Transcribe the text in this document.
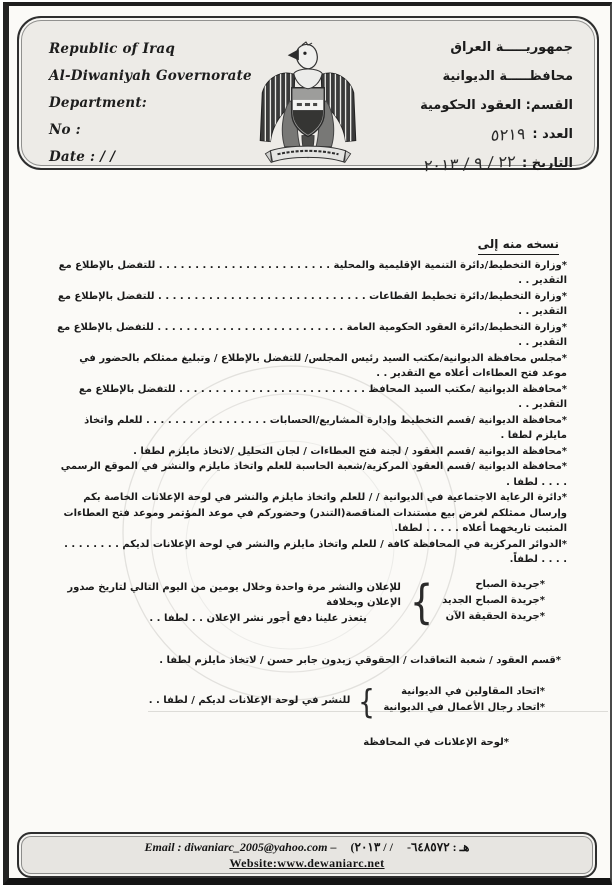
Republic of Iraq
Al-Diwaniyah Governorate
Department:
No :
Date : / /
جمهوريـــــة العراق
محافظـــــة الديوانية
القسم: العقود الحكومية
العدد :
٥٢١٩
التاريخ :
٢٢ / ٩ / ٢٠١٣
نسخه منه إلى
*وزارة التخطيط/دائرة التنمية الإقليمية والمحلية . . . . . . . . . . . . . . . . . . . . . . . . للتفضل بالإطلاع مع التقدير . .
*وزارة التخطيط/دائرة تخطيط القطاعات . . . . . . . . . . . . . . . . . . . . . . . . . . . . . للتفضل بالإطلاع مع التقدير . .
*وزارة التخطيط/دائرة العقود الحكومية العامة . . . . . . . . . . . . . . . . . . . . . . . . . . للتفضل بالإطلاع مع التقدير . .
*مجلس محافظة الديوانية/مكتب السيد رئيس المجلس/ للتفضل بالإطلاع / وتبليغ ممثلكم بالحضور في موعد فتح العطاءات أعلاه مع التقدير . .
*محافظة الديوانية /مكتب السيد المحافظ . . . . . . . . . . . . . . . . . . . . . . . . . . للتفضل بالإطلاع مع التقدير . .
*محافظة الديوانية /قسم التخطيط وإدارة المشاريع/الحسابات . . . . . . . . . . . . . . . . . للعلم واتخاذ مايلزم لطفا .
*محافظة الديوانية /قسم العقود / لجنة فتح العطاءات / لجان التحليل /لاتخاذ مايلزم لطفا .
*محافظة الديوانية /قسم العقود المركزية/شعبة الحاسبة للعلم واتخاذ مايلزم والنشر في الموقع الرسمي . . . . لطفا .
*دائرة الرعاية الاجتماعية في الديوانية / / للعلم واتخاذ مايلزم والنشر في لوحة الإعلانات الخاصة بكم وإرسال ممثلكم لغرض بيع مستندات المناقصة(التندر) وحضوركم في موعد المؤتمر وموعد فتح العطاءات المثبت تاريخهما أعلاه . . . . . لطفا.
*الدوائر المركزية في المحافظة كافة / للعلم واتخاذ مايلزم والنشر في لوحة الإعلانات لديكم . . . . . . . . . . . . لطفاً.
*جريدة الصباح
*جريدة الصباح الجديد
*جريدة الحقيقة الآن
{
للإعلان والنشر مرة واحدة وخلال يومين من اليوم التالي لتاريخ صدور الإعلان وبخلافة
يتعذر علينا دفع أجور نشر الإعلان . . لطفا . .
*قسم العقود / شعبة التعاقدات / الحقوقي زيدون جابر حسن / لاتخاذ مايلزم لطفا .
*اتحاد المقاولين في الديوانية
*اتحاد رجال الأعمال في الديوانية
{
للنشر في لوحة الإعلانات لديكم / لطفا . .
*لوحة الإعلانات في المحافظة
Email : diwaniarc_2005@yahoo.com – (٢٠١٣ / / هـ : ٦٤٨٥٧٢-
Website:www.dewaniarc.net
